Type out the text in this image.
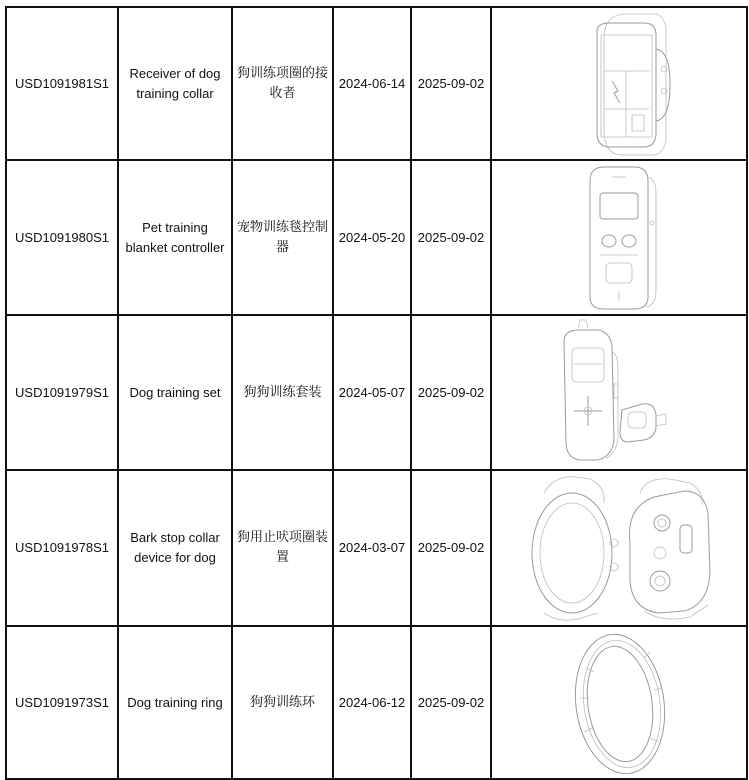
USD1091981S1	Receiver of dog training collar	狗训练项圈的接收者	2024-06-14	2025-09-02	

USD1091980S1	Pet training blanket controller	宠物训练毯控制器	2024-05-20	2025-09-02	

USD1091979S1	Dog training set	狗狗训练套装	2024-05-07	2025-09-02	

USD1091978S1	Bark stop collar device for dog	狗用止吠项圈装置	2024-03-07	2025-09-02	

USD1091973S1	Dog training ring	狗狗训练环	2024-06-12	2025-09-02	
